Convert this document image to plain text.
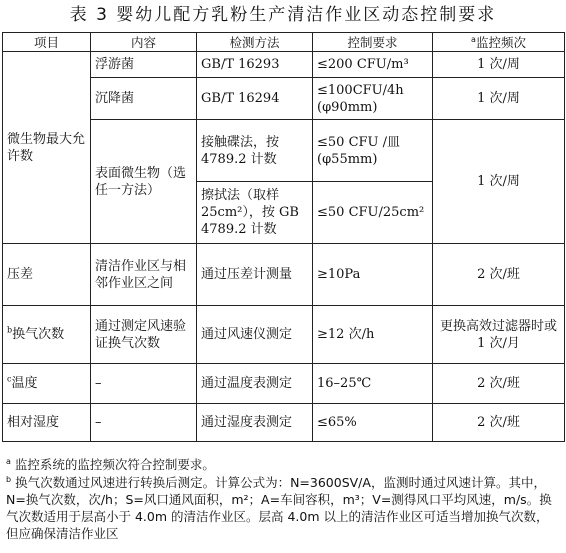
表 3 婴幼儿配方乳粉生产清洁作业区动态控制要求
项目	内容	检测方法	控制要求	$^a$监控频次
微生物最大允许数	浮游菌	GB/T 16293	≤200 CFU/m³	1 次/周
	沉降菌	GB/T 16294	≤100CFU/4h (φ90mm)	1 次/周
	表面微生物（选任一方法）	接触碟法，按 4789.2 计数	≤50 CFU /皿 (φ55mm)	1 次/周
		擦拭法（取样 25cm²），按 GB 4789.2 计数	≤50 CFU/25cm²	
压差	清洁作业区与相邻作业区之间	通过压差计测量	≥10Pa	2 次/班
$^b$换气次数	通过测定风速验证换气次数	通过风速仪测定	≥12 次/h	更换高效过滤器时或 1 次/月
$^c$温度	–	通过温度表测定	16–25℃	2 次/班
相对湿度	–	通过湿度表测定	≤65%	2 次/班
$^a$ 监控系统的监控频次符合控制要求。
$^b$ 换气次数通过风速进行转换后测定。计算公式为：N=3600SV/A，监测时通过风速计算。其中，N=换气次数，次/h；S=风口通风面积，m²；A=车间容积，m³；V=测得风口平均风速，m/s。换气次数适用于层高小于 4.0m 的清洁作业区。层高 4.0m 以上的清洁作业区可适当增加换气次数，但应确保清洁作业区
